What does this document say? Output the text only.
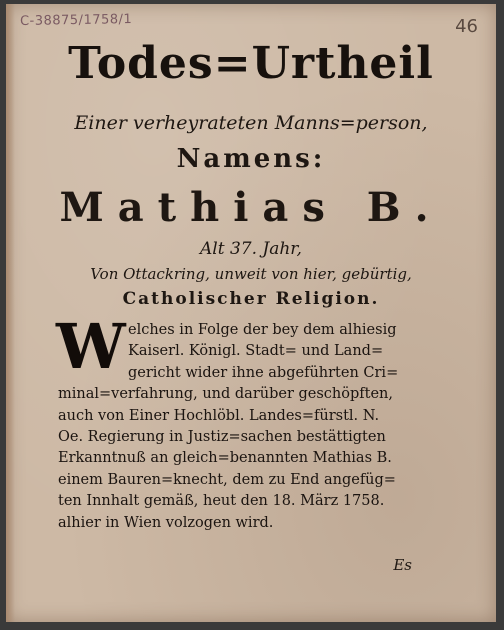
C-38875/1758/1	46
Todes=Urtheil
Einer verheyrateten Manns=person,
Namens:
Mathias B.
Alt 37. Jahr,
Von Ottackring, unweit von hier, gebürtig,
Catholischer Religion.
W elches in Folge der bey dem alhiesig
Kaiserl. Königl. Stadt= und Land=
gericht wider ihne abgeführten Cri=
minal=verfahrung, und darüber geschöpften,
auch von Einer Hochlöbl. Landes=fürstl. N.
Oe. Regierung in Justiz=sachen bestättigten
Erkanntnuß an gleich=benannten Mathias B.
einem Bauren=knecht, dem zu End angefüg=
ten Innhalt gemäß, heut den 18. März 1758.
alhier in Wien volzogen wird.
Es
